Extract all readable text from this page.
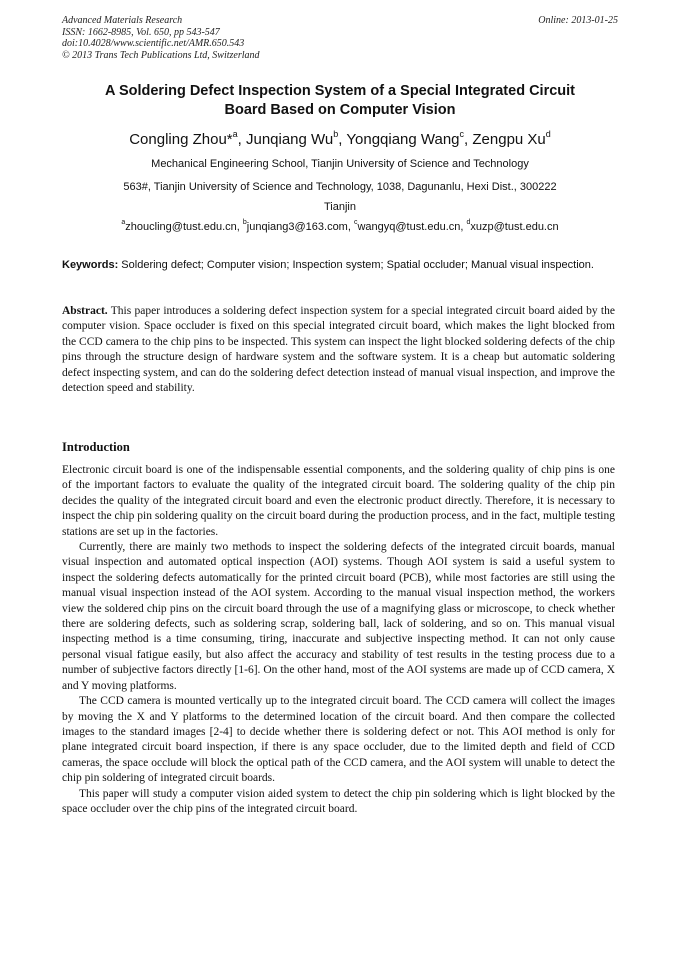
Advanced Materials Research
ISSN: 1662-8985, Vol. 650, pp 543-547
doi:10.4028/www.scientific.net/AMR.650.543
© 2013 Trans Tech Publications Ltd, Switzerland
Online: 2013-01-25
A Soldering Defect Inspection System of a Special Integrated Circuit
Board Based on Computer Vision
Congling Zhou*$^a$, Junqiang Wu$^b$, Yongqiang Wang$^c$, Zengpu Xu$^d$
Mechanical Engineering School, Tianjin University of Science and Technology
563#, Tianjin University of Science and Technology, 1038, Dagunanlu, Hexi Dist., 300222
Tianjin
$^a$zhoucling@tust.edu.cn, $^b$junqiang3@163.com, $^c$wangyq@tust.edu.cn, $^d$xuzp@tust.edu.cn
Keywords: Soldering defect; Computer vision; Inspection system; Spatial occluder; Manual visual inspection.
Abstract. This paper introduces a soldering defect inspection system for a special integrated circuit board aided by the computer vision. Space occluder is fixed on this special integrated circuit board, which makes the light blocked from the CCD camera to the chip pins to be inspected. This system can inspect the light blocked soldering defects of the chip pins through the structure design of hardware system and the software system. It is a cheap but automatic soldering defect inspecting system, and can do the soldering defect detection instead of manual visual inspection, and improve the detection speed and stability.
Introduction

Electronic circuit board is one of the indispensable essential components, and the soldering quality of chip pins is one of the important factors to evaluate the quality of the integrated circuit board. The soldering quality of the chip pin decides the quality of the integrated circuit board and even the electronic product directly. Therefore, it is necessary to inspect the chip pin soldering quality on the circuit board during the production process, and in the fact, multiple testing stations are set up in the factories.

Currently, there are mainly two methods to inspect the soldering defects of the integrated circuit boards, manual visual inspection and automated optical inspection (AOI) systems. Though AOI system is said a useful system to inspect the soldering defects automatically for the printed circuit board (PCB), while most factories are still using the manual visual inspection instead of the AOI system. According to the manual visual inspection method, the workers view the soldered chip pins on the circuit board through the use of a magnifying glass or microscope, to check whether there are soldering defects, such as soldering scrap, soldering ball, lack of soldering, and so on. This manual visual inspecting method is a time consuming, tiring, inaccurate and subjective inspecting method. It can not only cause personal visual fatigue easily, but also affect the accuracy and stability of test results in the testing process due to a number of subjective factors directly [1-6]. On the other hand, most of the AOI systems are made up of CCD camera, X and Y moving platforms.

The CCD camera is mounted vertically up to the integrated circuit board. The CCD camera will collect the images by moving the X and Y platforms to the determined location of the circuit board. And then compare the collected images to the standard images [2-4] to decide whether there is soldering defect or not. This AOI method is only for plane integrated circuit board inspection, if there is any space occluder, due to the limited depth and field of CCD cameras, the space occlude will block the optical path of the CCD camera, and the AOI system will unable to detect the chip pin soldering of integrated circuit boards.

This paper will study a computer vision aided system to detect the chip pin soldering which is light blocked by the space occluder over the chip pins of the integrated circuit board.
